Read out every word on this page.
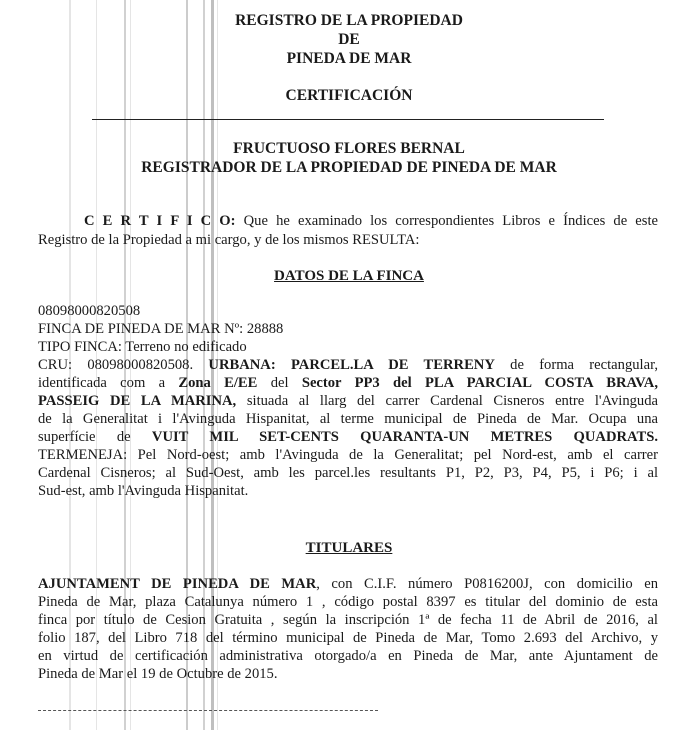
REGISTRO DE LA PROPIEDAD
DE
PINEDA DE MAR
CERTIFICACIÓN
FRUCTUOSO FLORES BERNAL
REGISTRADOR DE LA PROPIEDAD DE PINEDA DE MAR
C E R T I F I C O: Que he examinado los correspondientes Libros e Índices de este
Registro de la Propiedad a mi cargo, y de los mismos RESULTA:
DATOS DE LA FINCA
08098000820508
FINCA DE PINEDA DE MAR Nº: 28888
TIPO FINCA: Terreno no edificado
CRU: 08098000820508. URBANA: PARCEL.LA DE TERRENY de forma rectangular,
identificada com a Zona E/EE del Sector PP3 del PLA PARCIAL COSTA BRAVA,
PASSEIG DE LA MARINA, situada al llarg del carrer Cardenal Cisneros entre l'Avinguda
de la Generalitat i l'Avinguda Hispanitat, al terme municipal de Pineda de Mar. Ocupa una
superfície de VUIT MIL SET-CENTS QUARANTA-UN METRES QUADRATS.
TERMENEJA: Pel Nord-oest; amb l'Avinguda de la Generalitat; pel Nord-est, amb el carrer
Cardenal Cisneros; al Sud-Oest, amb les parcel.les resultants P1, P2, P3, P4, P5, i P6; i al
Sud-est, amb l'Avinguda Hispanitat.
TITULARES
AJUNTAMENT DE PINEDA DE MAR, con C.I.F. número P0816200J, con domicilio en
Pineda de Mar, plaza Catalunya número 1 , código postal 8397 es titular del dominio de esta
finca por título de Cesion Gratuita , según la inscripción 1ª de fecha 11 de Abril de 2016, al
folio 187, del Libro 718 del término municipal de Pineda de Mar, Tomo 2.693 del Archivo, y
en virtud de certificación administrativa otorgado/a en Pineda de Mar, ante Ajuntament de
Pineda de Mar el 19 de Octubre de 2015.
